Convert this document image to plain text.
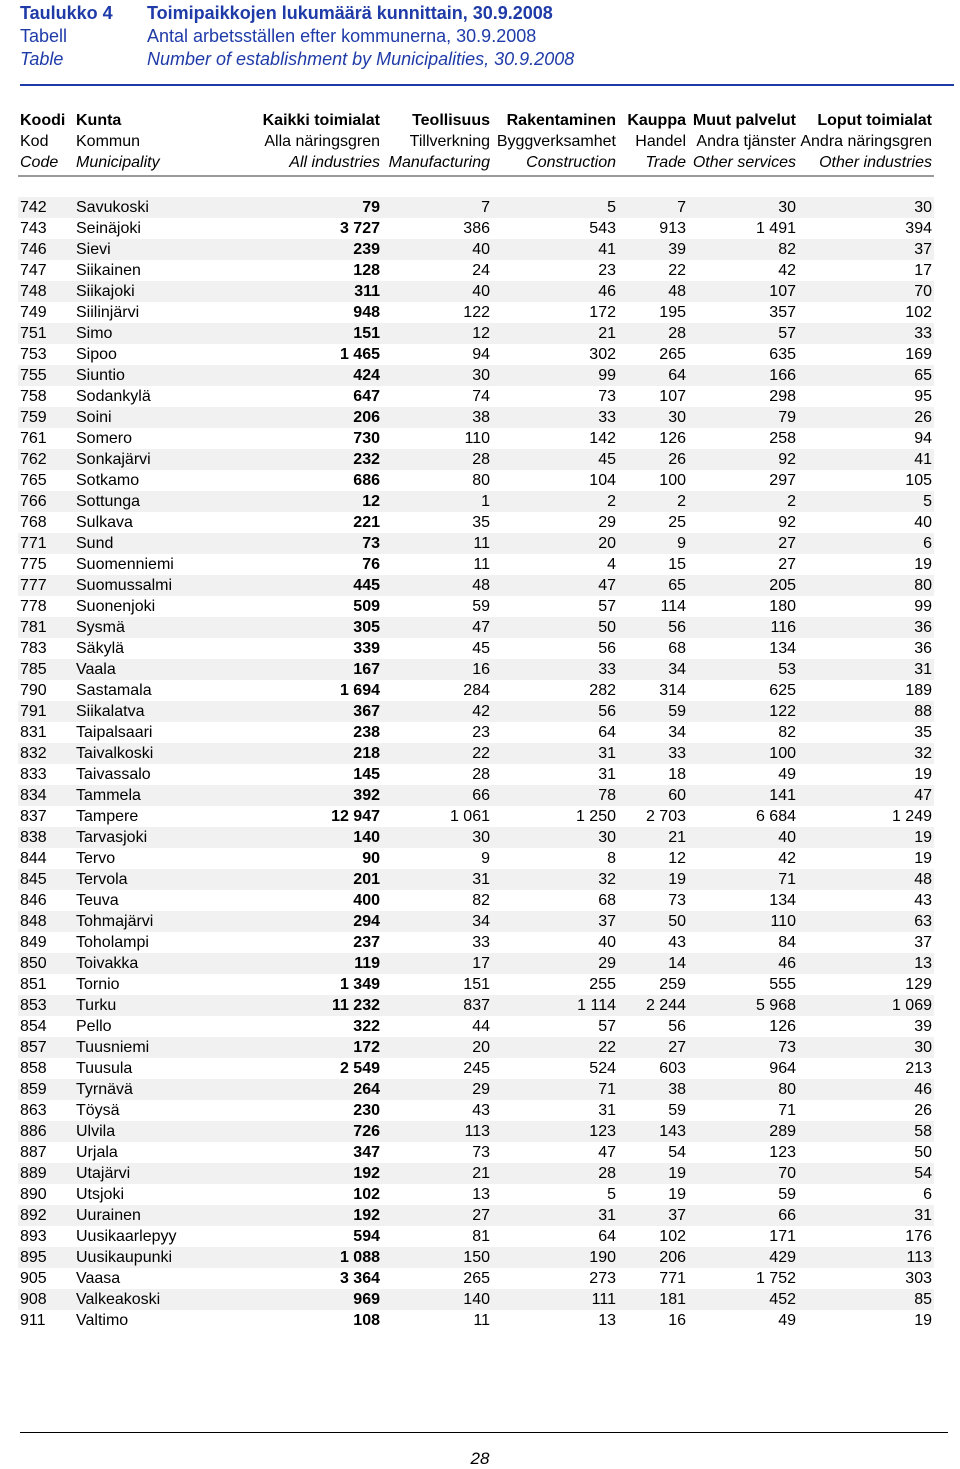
Taulukko 4 Toimipaikkojen lukumäärä kunnittain, 30.9.2008
Tabell	Antal arbetsställen efter kommunerna, 30.9.2008
Table	Number of establishment by Municipalities, 30.9.2008
Koodi	Kunta	Kaikki toimialat	Teollisuus	Rakentaminen	Kauppa	Muut palvelut	Loput toimialat
Kod	Kommun	Alla näringsgren	Tillverkning	Byggverksamhet	Handel	Andra tjänster	Andra näringsgren
Code	Municipality	All industries	Manufacturing	Construction	Trade	Other services	Other industries

742	Savukoski	79	7	5	7	30	30
743	Seinäjoki	3 727	386	543	913	1 491	394
746	Sievi	239	40	41	39	82	37
747	Siikainen	128	24	23	22	42	17
748	Siikajoki	311	40	46	48	107	70
749	Siilinjärvi	948	122	172	195	357	102
751	Simo	151	12	21	28	57	33
753	Sipoo	1 465	94	302	265	635	169
755	Siuntio	424	30	99	64	166	65
758	Sodankylä	647	74	73	107	298	95
759	Soini	206	38	33	30	79	26
761	Somero	730	110	142	126	258	94
762	Sonkajärvi	232	28	45	26	92	41
765	Sotkamo	686	80	104	100	297	105
766	Sottunga	12	1	2	2	2	5
768	Sulkava	221	35	29	25	92	40
771	Sund	73	11	20	9	27	6
775	Suomenniemi	76	11	4	15	27	19
777	Suomussalmi	445	48	47	65	205	80
778	Suonenjoki	509	59	57	114	180	99
781	Sysmä	305	47	50	56	116	36
783	Säkylä	339	45	56	68	134	36
785	Vaala	167	16	33	34	53	31
790	Sastamala	1 694	284	282	314	625	189
791	Siikalatva	367	42	56	59	122	88
831	Taipalsaari	238	23	64	34	82	35
832	Taivalkoski	218	22	31	33	100	32
833	Taivassalo	145	28	31	18	49	19
834	Tammela	392	66	78	60	141	47
837	Tampere	12 947	1 061	1 250	2 703	6 684	1 249
838	Tarvasjoki	140	30	30	21	40	19
844	Tervo	90	9	8	12	42	19
845	Tervola	201	31	32	19	71	48
846	Teuva	400	82	68	73	134	43
848	Tohmajärvi	294	34	37	50	110	63
849	Toholampi	237	33	40	43	84	37
850	Toivakka	119	17	29	14	46	13
851	Tornio	1 349	151	255	259	555	129
853	Turku	11 232	837	1 114	2 244	5 968	1 069
854	Pello	322	44	57	56	126	39
857	Tuusniemi	172	20	22	27	73	30
858	Tuusula	2 549	245	524	603	964	213
859	Tyrnävä	264	29	71	38	80	46
863	Töysä	230	43	31	59	71	26
886	Ulvila	726	113	123	143	289	58
887	Urjala	347	73	47	54	123	50
889	Utajärvi	192	21	28	19	70	54
890	Utsjoki	102	13	5	19	59	6
892	Uurainen	192	27	31	37	66	31
893	Uusikaarlepyy	594	81	64	102	171	176
895	Uusikaupunki	1 088	150	190	206	429	113
905	Vaasa	3 364	265	273	771	1 752	303
908	Valkeakoski	969	140	111	181	452	85
911	Valtimo	108	11	13	16	49	19
28
